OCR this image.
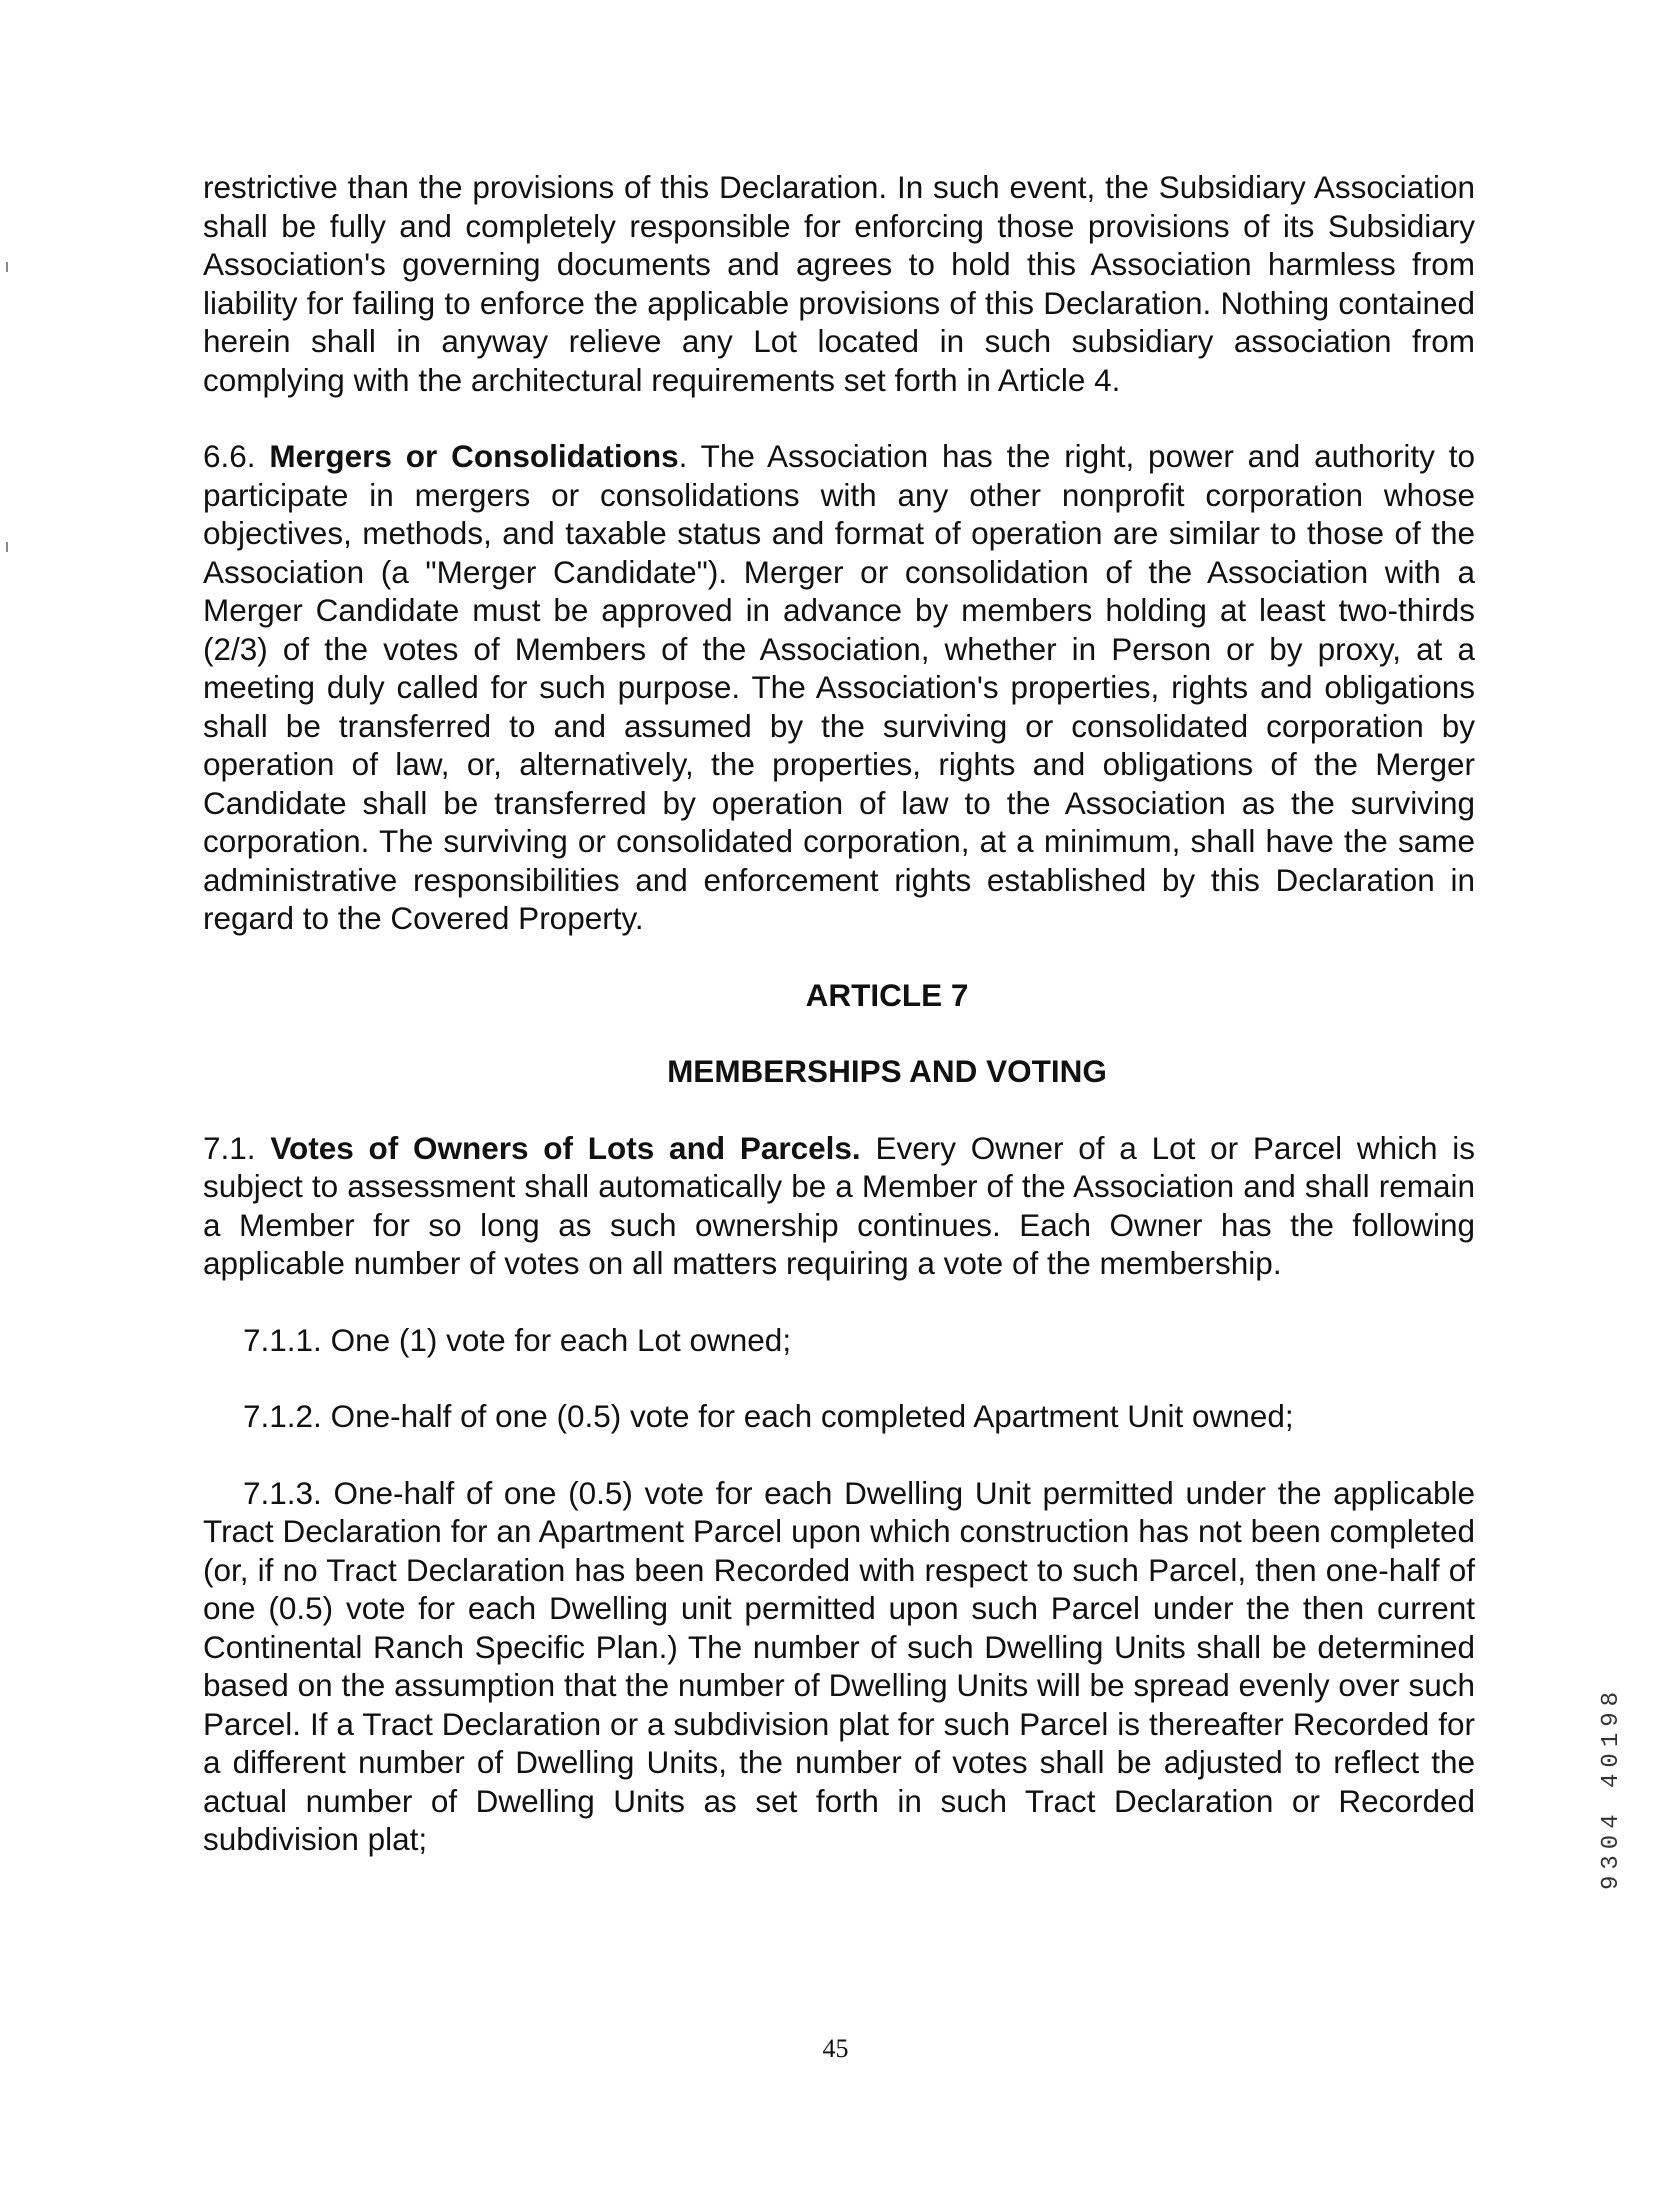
restrictive than the provisions of this Declaration. In such event, the Subsidiary Association shall be fully and completely responsible for enforcing those provisions of its Subsidiary Association's governing documents and agrees to hold this Association harmless from liability for failing to enforce the applicable provisions of this Declaration. Nothing contained herein shall in anyway relieve any Lot located in such subsidiary association from complying with the architectural requirements set forth in Article 4.

6.6. Mergers or Consolidations. The Association has the right, power and authority to participate in mergers or consolidations with any other nonprofit corporation whose objectives, methods, and taxable status and format of operation are similar to those of the Association (a "Merger Candidate"). Merger or consolidation of the Association with a Merger Candidate must be approved in advance by members holding at least two-thirds (2/3) of the votes of Members of the Association, whether in Person or by proxy, at a meeting duly called for such purpose. The Association's properties, rights and obligations shall be transferred to and assumed by the surviving or consolidated corporation by operation of law, or, alternatively, the properties, rights and obligations of the Merger Candidate shall be transferred by operation of law to the Association as the surviving corporation. The surviving or consolidated corporation, at a minimum, shall have the same administrative responsibilities and enforcement rights established by this Declaration in regard to the Covered Property.

ARTICLE 7
MEMBERSHIPS AND VOTING

7.1. Votes of Owners of Lots and Parcels. Every Owner of a Lot or Parcel which is subject to assessment shall automatically be a Member of the Association and shall remain a Member for so long as such ownership continues. Each Owner has the following applicable number of votes on all matters requiring a vote of the membership.

7.1.1. One (1) vote for each Lot owned;

7.1.2. One-half of one (0.5) vote for each completed Apartment Unit owned;

7.1.3. One-half of one (0.5) vote for each Dwelling Unit permitted under the applicable Tract Declaration for an Apartment Parcel upon which construction has not been completed (or, if no Tract Declaration has been Recorded with respect to such Parcel, then one-half of one (0.5) vote for each Dwelling unit permitted upon such Parcel under the then current Continental Ranch Specific Plan.) The number of such Dwelling Units shall be determined based on the assumption that the number of Dwelling Units will be spread evenly over such Parcel. If a Tract Declaration or a subdivision plat for such Parcel is thereafter Recorded for a different number of Dwelling Units, the number of votes shall be adjusted to reflect the actual number of Dwelling Units as set forth in such Tract Declaration or Recorded subdivision plat;

45
9304 40198
